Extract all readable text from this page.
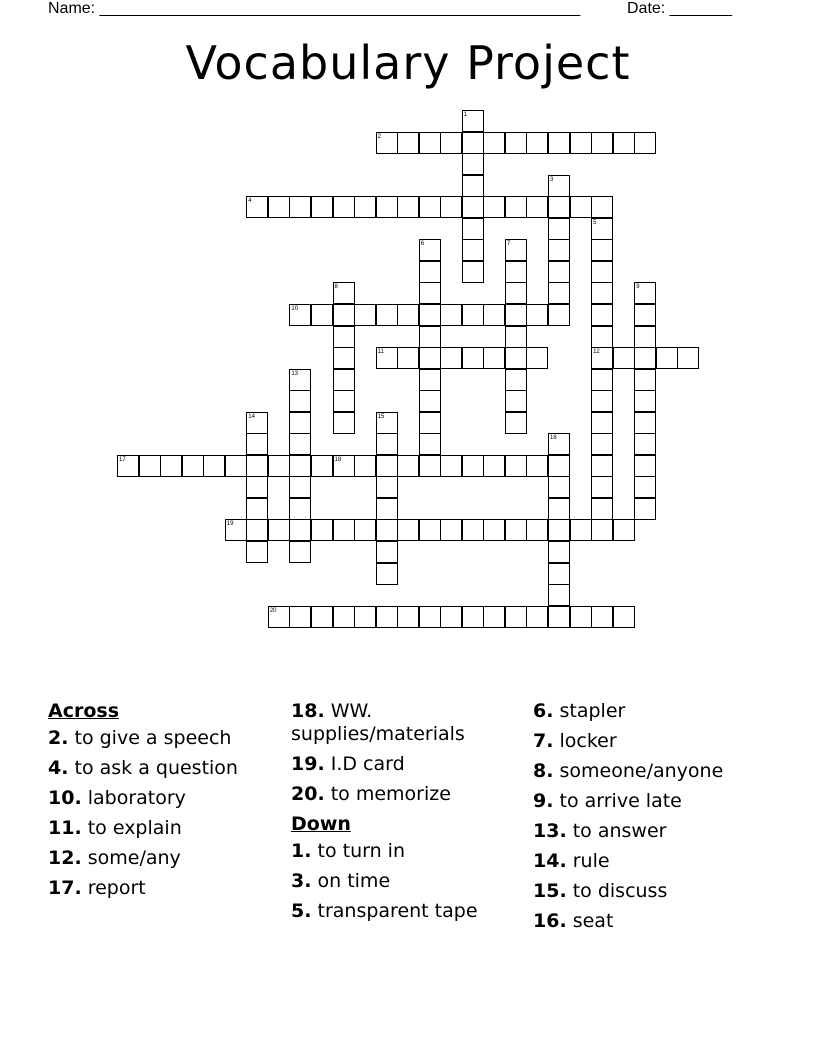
Name: ______________________________________________________	Date: _______
Vocabulary Project
1
2
3
4
5
6	7
8	9
10
11	12
13
14	15
16
17	18
19
20
Across
2. to give a speech
4. to ask a question
10. laboratory
11. to explain
12. some/any
17. report
18. WW. supplies/materials
19. I.D card
20. to memorize
Down
1. to turn in
3. on time
5. transparent tape
6. stapler
7. locker
8. someone/anyone
9. to arrive late
13. to answer
14. rule
15. to discuss
16. seat
